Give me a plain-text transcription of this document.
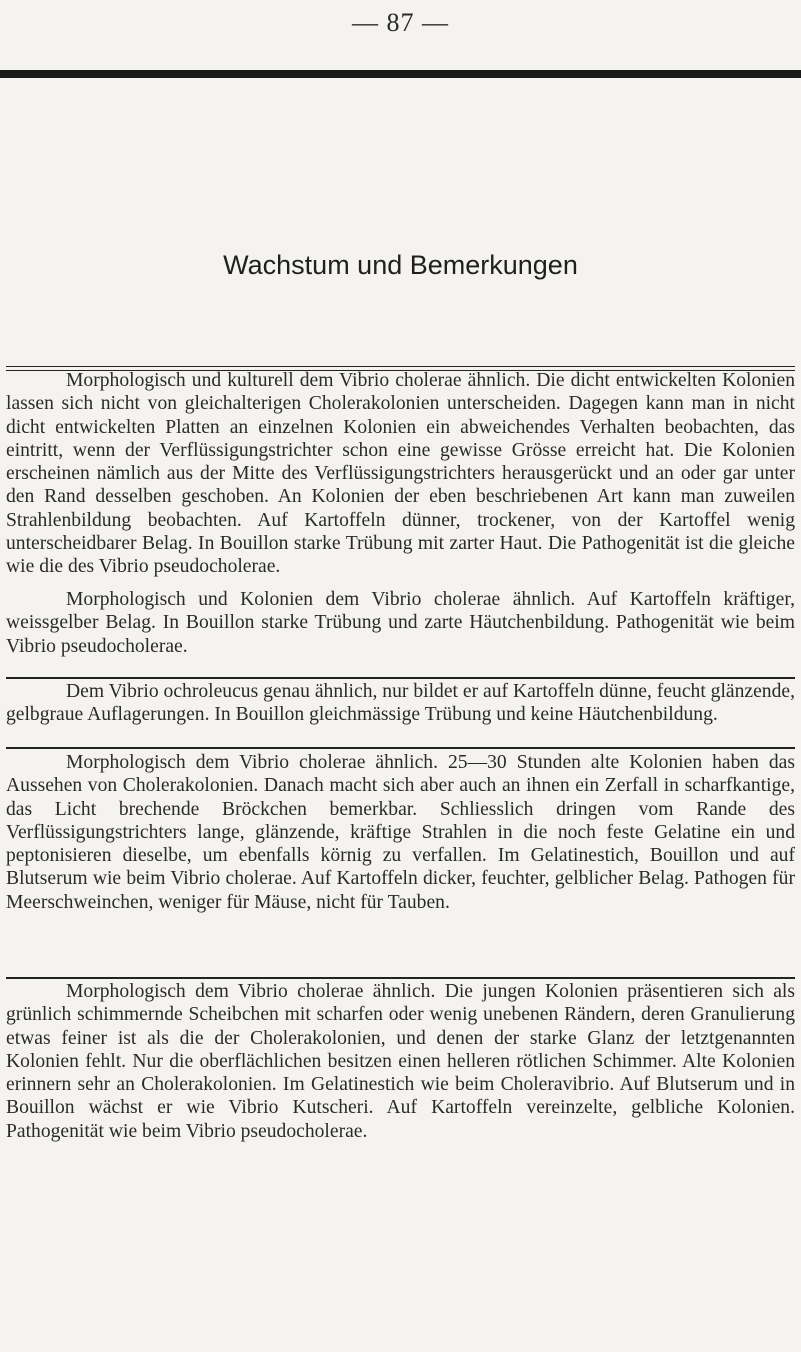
— 87 —
Wachstum und Bemerkungen

Morphologisch und kulturell dem Vibrio cholerae ähnlich. Die dicht entwickelten Kolonien lassen sich nicht von gleichalterigen Cholerakolonien unterscheiden. Dagegen kann man in nicht dicht entwickelten Platten an einzelnen Kolonien ein abweichendes Verhalten beobachten, das eintritt, wenn der Verflüssigungstrichter schon eine gewisse Grösse erreicht hat. Die Kolonien erscheinen nämlich aus der Mitte des Verflüssigungstrichters herausgerückt und an oder gar unter den Rand desselben geschoben. An Kolonien der eben beschriebenen Art kann man zuweilen Strahlenbildung beobachten. Auf Kartoffeln dünner, trockener, von der Kartoffel wenig unterscheidbarer Belag. In Bouillon starke Trübung mit zarter Haut. Die Pathogenität ist die gleiche wie die des Vibrio pseudocholerae.

Morphologisch und Kolonien dem Vibrio cholerae ähnlich. Auf Kartoffeln kräftiger, weissgelber Belag. In Bouillon starke Trübung und zarte Häutchenbildung. Pathogenität wie beim Vibrio pseudocholerae.

Dem Vibrio ochroleucus genau ähnlich, nur bildet er auf Kartoffeln dünne, feucht glänzende, gelbgraue Auflagerungen. In Bouillon gleichmässige Trübung und keine Häutchenbildung.

Morphologisch dem Vibrio cholerae ähnlich. 25—30 Stunden alte Kolonien haben das Aussehen von Cholerakolonien. Danach macht sich aber auch an ihnen ein Zerfall in scharfkantige, das Licht brechende Bröckchen bemerkbar. Schliesslich dringen vom Rande des Verflüssigungstrichters lange, glänzende, kräftige Strahlen in die noch feste Gelatine ein und peptonisieren dieselbe, um ebenfalls körnig zu verfallen. Im Gelatinestich, Bouillon und auf Blutserum wie beim Vibrio cholerae. Auf Kartoffeln dicker, feuchter, gelblicher Belag. Pathogen für Meerschweinchen, weniger für Mäuse, nicht für Tauben.

Morphologisch dem Vibrio cholerae ähnlich. Die jungen Kolonien präsentieren sich als grünlich schimmernde Scheibchen mit scharfen oder wenig unebenen Rändern, deren Granulierung etwas feiner ist als die der Cholerakolonien, und denen der starke Glanz der letztgenannten Kolonien fehlt. Nur die oberflächlichen besitzen einen helleren rötlichen Schimmer. Alte Kolonien erinnern sehr an Cholerakolonien. Im Gelatinestich wie beim Choleravibrio. Auf Blutserum und in Bouillon wächst er wie Vibrio Kutscheri. Auf Kartoffeln vereinzelte, gelbliche Kolonien. Pathogenität wie beim Vibrio pseudocholerae.
